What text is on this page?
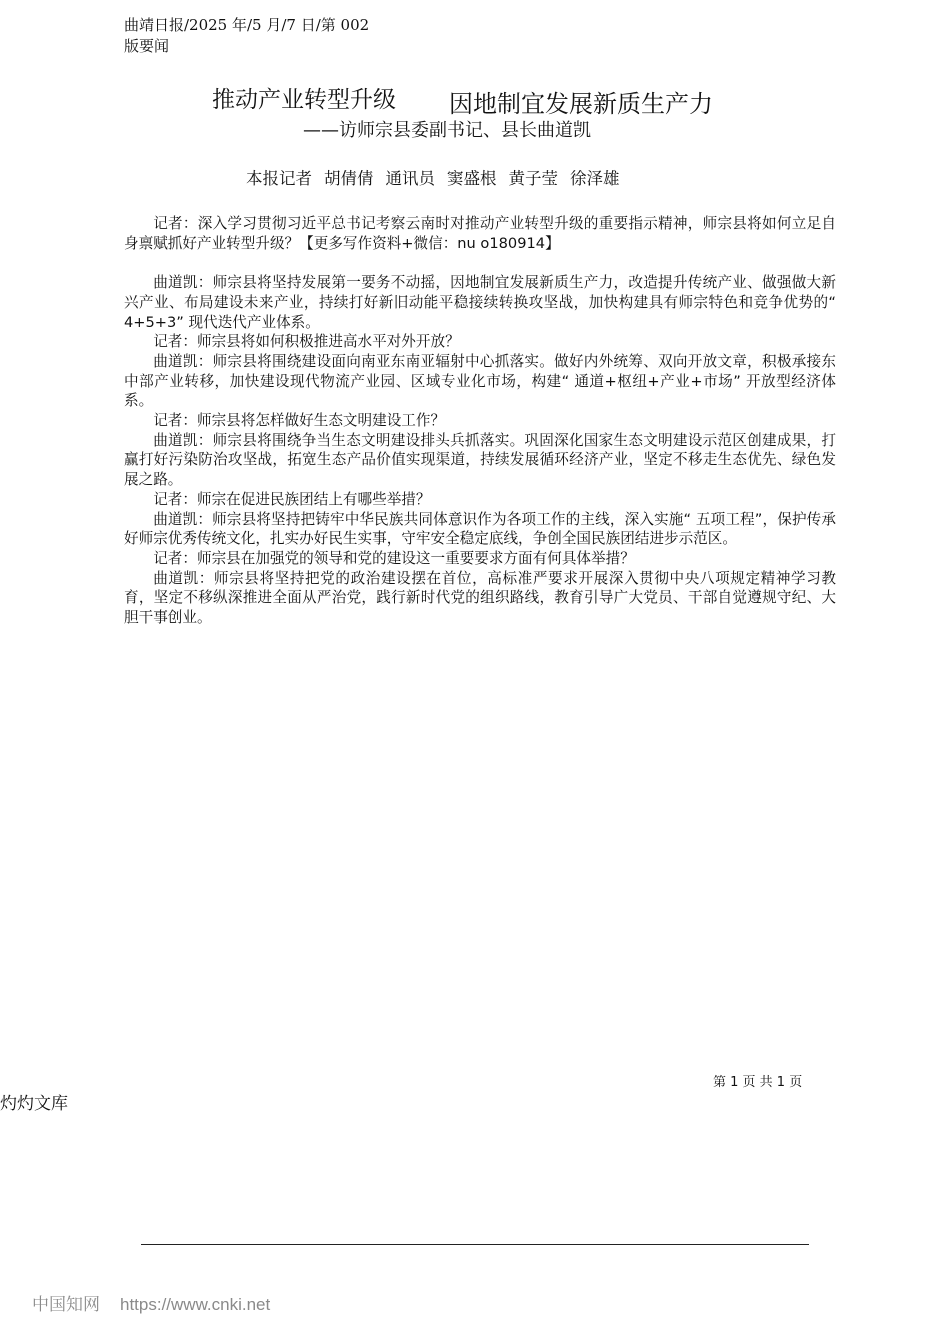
曲靖日报/2025 年/5 月/7 日/第 002
版要闻
推动产业转型升级 因地制宜发展新质生产力
——访师宗县委副书记、县长曲道凯
本报记者 胡倩倩 通讯员 窦盛根 黄子莹 徐泽雄

记者：深入学习贯彻习近平总书记考察云南时对推动产业转型升级的重要指示精神，师宗县将如何立足自身禀赋抓好产业转型升级？【更多写作资料+微信：nu o180914】

曲道凯：师宗县将坚持发展第一要务不动摇，因地制宜发展新质生产力，改造提升传统产业、做强做大新兴产业、布局建设未来产业，持续打好新旧动能平稳接续转换攻坚战，加快构建具有师宗特色和竞争优势的“ 4+5+3” 现代迭代产业体系。

记者：师宗县将如何积极推进高水平对外开放？

曲道凯：师宗县将围绕建设面向南亚东南亚辐射中心抓落实。做好内外统筹、双向开放文章，积极承接东中部产业转移，加快建设现代物流产业园、区域专业化市场，构建“ 通道+枢纽+产业+市场” 开放型经济体系。

记者：师宗县将怎样做好生态文明建设工作？

曲道凯：师宗县将围绕争当生态文明建设排头兵抓落实。巩固深化国家生态文明建设示范区创建成果，打赢打好污染防治攻坚战，拓宽生态产品价值实现渠道，持续发展循环经济产业，坚定不移走生态优先、绿色发展之路。

记者：师宗在促进民族团结上有哪些举措？

曲道凯：师宗县将坚持把铸牢中华民族共同体意识作为各项工作的主线，深入实施“ 五项工程”，保护传承好师宗优秀传统文化，扎实办好民生实事，守牢安全稳定底线，争创全国民族团结进步示范区。

记者：师宗县在加强党的领导和党的建设这一重要要求方面有何具体举措？

曲道凯：师宗县将坚持把党的政治建设摆在首位，高标准严要求开展深入贯彻中央八项规定精神学习教育，坚定不移纵深推进全面从严治党，践行新时代党的组织路线，教育引导广大党员、干部自觉遵规守纪、大胆干事创业。

第 1 页 共 1 页
灼灼文库
中国知网 https://www.cnki.net
